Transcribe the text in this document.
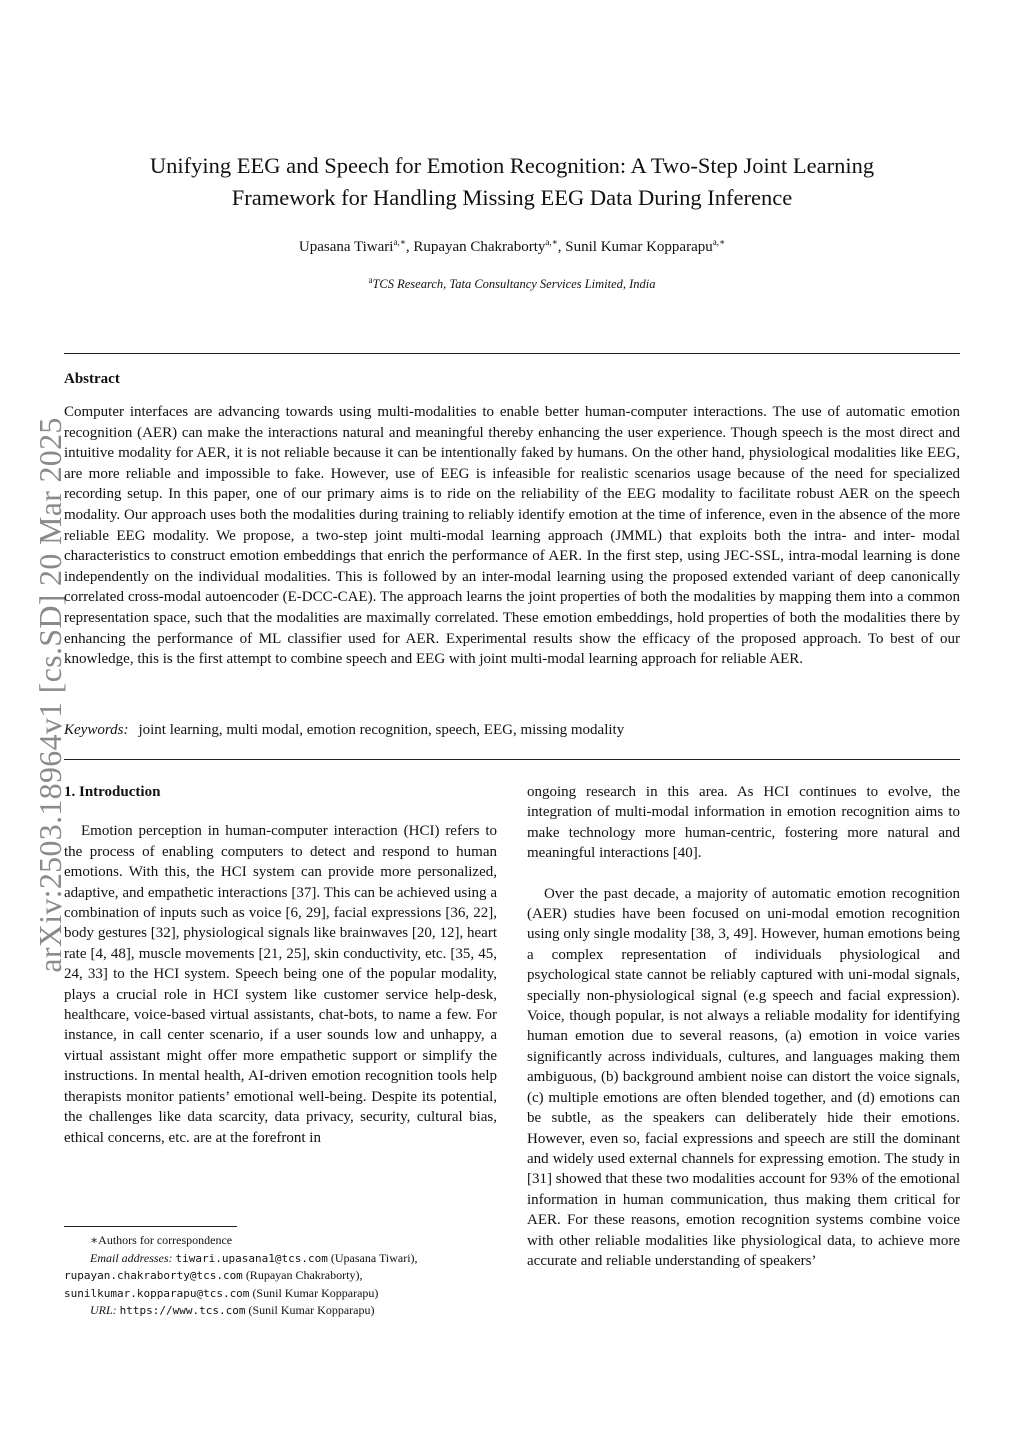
arXiv:2503.18964v1 [cs.SD] 20 Mar 2025
Unifying EEG and Speech for Emotion Recognition: A Two-Step Joint Learning
Framework for Handling Missing EEG Data During Inference
Upasana Tiwari$^{a,∗}$, Rupayan Chakraborty$^{a,∗}$, Sunil Kumar Kopparapu$^{a,∗}$
$^a$TCS Research, Tata Consultancy Services Limited, India
Abstract
Computer interfaces are advancing towards using multi-modalities to enable better human-computer interactions. The use of automatic emotion recognition (AER) can make the interactions natural and meaningful thereby enhancing the user experience. Though speech is the most direct and intuitive modality for AER, it is not reliable because it can be intentionally faked by humans. On the other hand, physiological modalities like EEG, are more reliable and impossible to fake. However, use of EEG is infeasible for realistic scenarios usage because of the need for specialized recording setup. In this paper, one of our primary aims is to ride on the reliability of the EEG modality to facilitate robust AER on the speech modality. Our approach uses both the modalities during training to reliably identify emotion at the time of inference, even in the absence of the more reliable EEG modality. We propose, a two-step joint multi-modal learning approach (JMML) that exploits both the intra- and inter- modal characteristics to construct emotion embeddings that enrich the performance of AER. In the first step, using JEC-SSL, intra-modal learning is done independently on the individual modalities. This is followed by an inter-modal learning using the proposed extended variant of deep canonically correlated cross-modal autoencoder (E-DCC-CAE). The approach learns the joint properties of both the modalities by mapping them into a common representation space, such that the modalities are maximally correlated. These emotion embeddings, hold properties of both the modalities there by enhancing the performance of ML classifier used for AER. Experimental results show the efficacy of the proposed approach. To best of our knowledge, this is the first attempt to combine speech and EEG with joint multi-modal learning approach for reliable AER.
Keywords: joint learning, multi modal, emotion recognition, speech, EEG, missing modality
1. Introduction

Emotion perception in human-computer interaction (HCI) refers to the process of enabling computers to detect and respond to human emotions. With this, the HCI system can provide more personalized, adaptive, and empathetic interactions [37]. This can be achieved using a combination of inputs such as voice [6, 29], facial expressions [36, 22], body gestures [32], physiological signals like brainwaves [20, 12], heart rate [4, 48], muscle movements [21, 25], skin conductivity, etc. [35, 45, 24, 33] to the HCI system. Speech being one of the popular modality, plays a crucial role in HCI system like customer service help-desk, healthcare, voice-based virtual assistants, chat-bots, to name a few. For instance, in call center scenario, if a user sounds low and unhappy, a virtual assistant might offer more empathetic support or simplify the instructions. In mental health, AI-driven emotion recognition tools help therapists monitor patients’ emotional well-being. Despite its potential, the challenges like data scarcity, data privacy, security, cultural bias, ethical concerns, etc. are at the forefront in

ongoing research in this area. As HCI continues to evolve, the integration of multi-modal information in emotion recognition aims to make technology more human-centric, fostering more natural and meaningful interactions [40].

Over the past decade, a majority of automatic emotion recognition (AER) studies have been focused on uni-modal emotion recognition using only single modality [38, 3, 49]. However, human emotions being a complex representation of individuals physiological and psychological state cannot be reliably captured with uni-modal signals, specially non-physiological signal (e.g speech and facial expression). Voice, though popular, is not always a reliable modality for identifying human emotion due to several reasons, (a) emotion in voice varies significantly across individuals, cultures, and languages making them ambiguous, (b) background ambient noise can distort the voice signals, (c) multiple emotions are often blended together, and (d) emotions can be subtle, as the speakers can deliberately hide their emotions. However, even so, facial expressions and speech are still the dominant and widely used external channels for expressing emotion. The study in [31] showed that these two modalities account for 93% of the emotional information in human communication, thus making them critical for AER. For these reasons, emotion recognition systems combine voice with other reliable modalities like physiological data, to achieve more accurate and reliable understanding of speakers’

∗Authors for correspondence
Email addresses: tiwari.upasana1@tcs.com (Upasana Tiwari),
rupayan.chakraborty@tcs.com (Rupayan Chakraborty),
sunilkumar.kopparapu@tcs.com (Sunil Kumar Kopparapu)
URL: https://www.tcs.com (Sunil Kumar Kopparapu)
